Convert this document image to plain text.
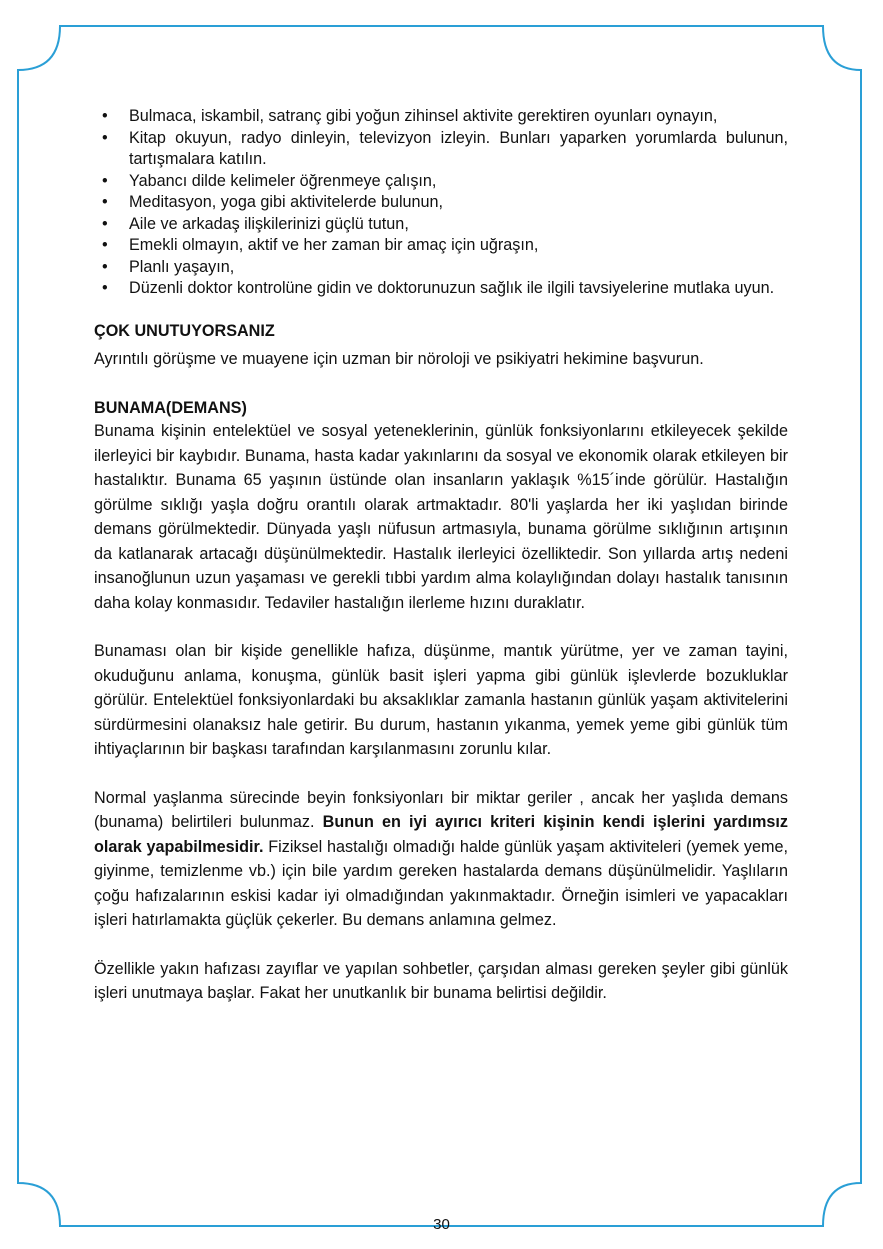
• Bulmaca, iskambil, satranç gibi yoğun zihinsel aktivite gerektiren oyunları oynayın,
• Kitap okuyun, radyo dinleyin, televizyon izleyin. Bunları yaparken yorumlarda bulunun, tartışmalara katılın.
• Yabancı dilde kelimeler öğrenmeye çalışın,
• Meditasyon, yoga gibi aktivitelerde bulunun,
• Aile ve arkadaş ilişkilerinizi güçlü tutun,
• Emekli olmayın, aktif ve her zaman bir amaç için uğraşın,
• Planlı yaşayın,
• Düzenli doktor kontrolüne gidin ve doktorunuzun sağlık ile ilgili tavsiyelerine mutlaka uyun.

ÇOK UNUTUYORSANIZ

Ayrıntılı görüşme ve muayene için uzman bir nöroloji ve psikiyatri hekimine başvurun.

BUNAMA(DEMANS)

Bunama kişinin entelektüel ve sosyal yeteneklerinin, günlük fonksiyonlarını etkileyecek şekilde ilerleyici bir kaybıdır. Bunama, hasta kadar yakınlarını da sosyal ve ekonomik olarak etkileyen bir hastalıktır. Bunama 65 yaşının üstünde olan insanların yaklaşık %15´inde görülür. Hastalığın görülme sıklığı yaşla doğru orantılı olarak artmaktadır. 80'li yaşlarda her iki yaşlıdan birinde demans görülmektedir. Dünyada yaşlı nüfusun artmasıyla, bunama görülme sıklığının artışının da katlanarak artacağı düşünülmektedir. Hastalık ilerleyici özelliktedir. Son yıllarda artış nedeni insanoğlunun uzun yaşaması ve gerekli tıbbi yardım alma kolaylığından dolayı hastalık tanısının daha kolay konmasıdır. Tedaviler hastalığın ilerleme hızını duraklatır.

Bunaması olan bir kişide genellikle hafıza, düşünme, mantık yürütme, yer ve zaman tayini, okuduğunu anlama, konuşma, günlük basit işleri yapma gibi günlük işlevlerde bozukluklar görülür. Entelektüel fonksiyonlardaki bu aksaklıklar zamanla hastanın günlük yaşam aktivitelerini sürdürmesini olanaksız hale getirir. Bu durum, hastanın yıkanma, yemek yeme gibi günlük tüm ihtiyaçlarının bir başkası tarafından karşılanmasını zorunlu kılar.

Normal yaşlanma sürecinde beyin fonksiyonları bir miktar geriler , ancak her yaşlıda demans (bunama) belirtileri bulunmaz. Bunun en iyi ayırıcı kriteri kişinin kendi işlerini yardımsız olarak yapabilmesidir. Fiziksel hastalığı olmadığı halde günlük yaşam aktiviteleri (yemek yeme, giyinme, temizlenme vb.) için bile yardım gereken hastalarda demans düşünülmelidir. Yaşlıların çoğu hafızalarının eskisi kadar iyi olmadığından yakınmaktadır. Örneğin isimleri ve yapacakları işleri hatırlamakta güçlük çekerler. Bu demans anlamına gelmez.

Özellikle yakın hafızası zayıflar ve yapılan sohbetler, çarşıdan alması gereken şeyler gibi günlük işleri unutmaya başlar. Fakat her unutkanlık bir bunama belirtisi değildir.

30
